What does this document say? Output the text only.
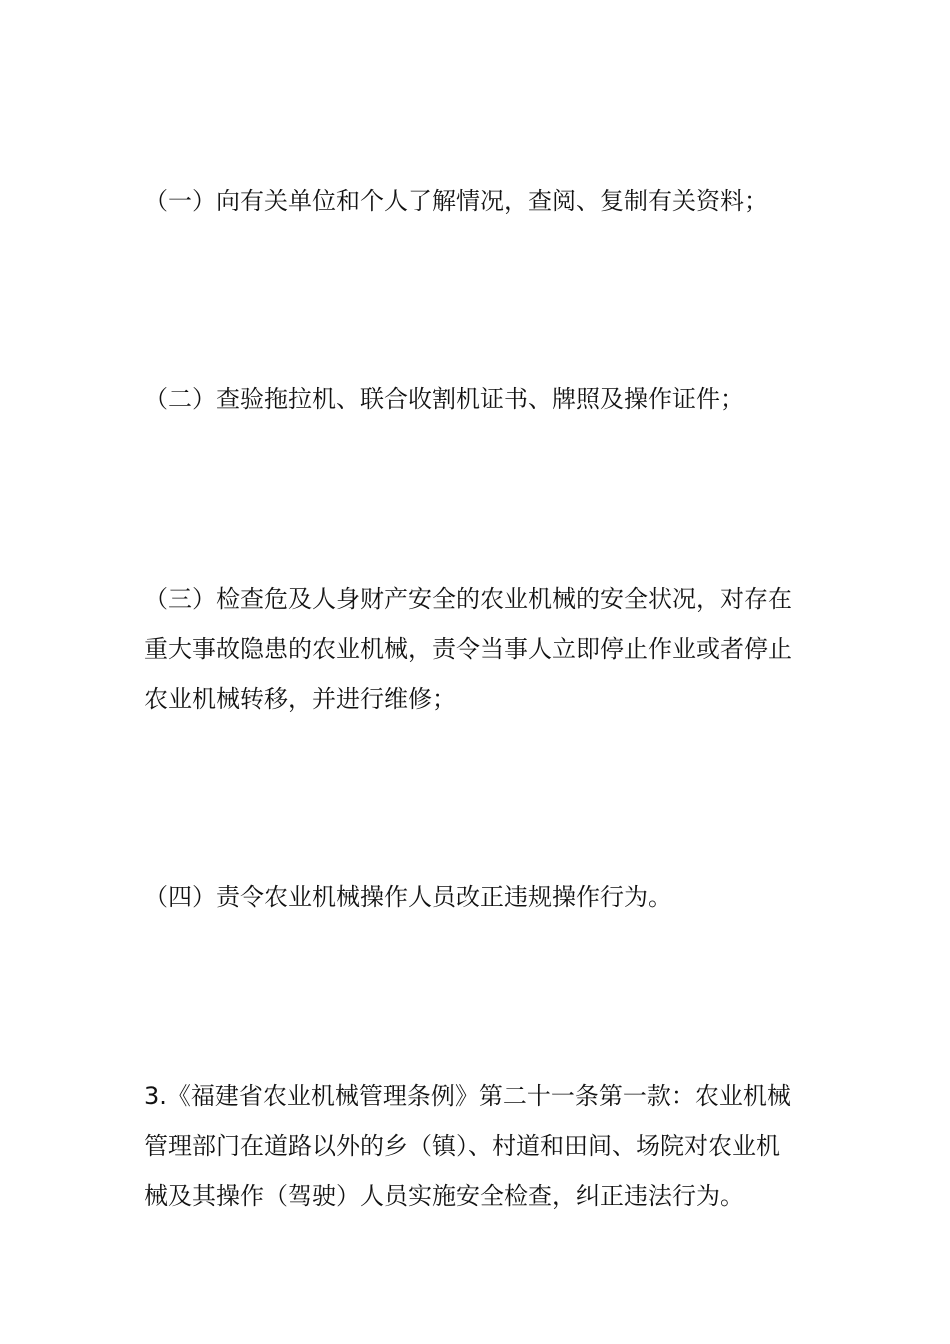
（一）向有关单位和个人了解情况，查阅、复制有关资料；
（二）查验拖拉机、联合收割机证书、牌照及操作证件；
（三）检查危及人身财产安全的农业机械的安全状况，对存在
重大事故隐患的农业机械，责令当事人立即停止作业或者停止
农业机械转移，并进行维修；
（四）责令农业机械操作人员改正违规操作行为。
3.《福建省农业机械管理条例》第二十一条第一款：农业机械
管理部门在道路以外的乡（镇）、村道和田间、场院对农业机
械及其操作（驾驶）人员实施安全检查，纠正违法行为。
